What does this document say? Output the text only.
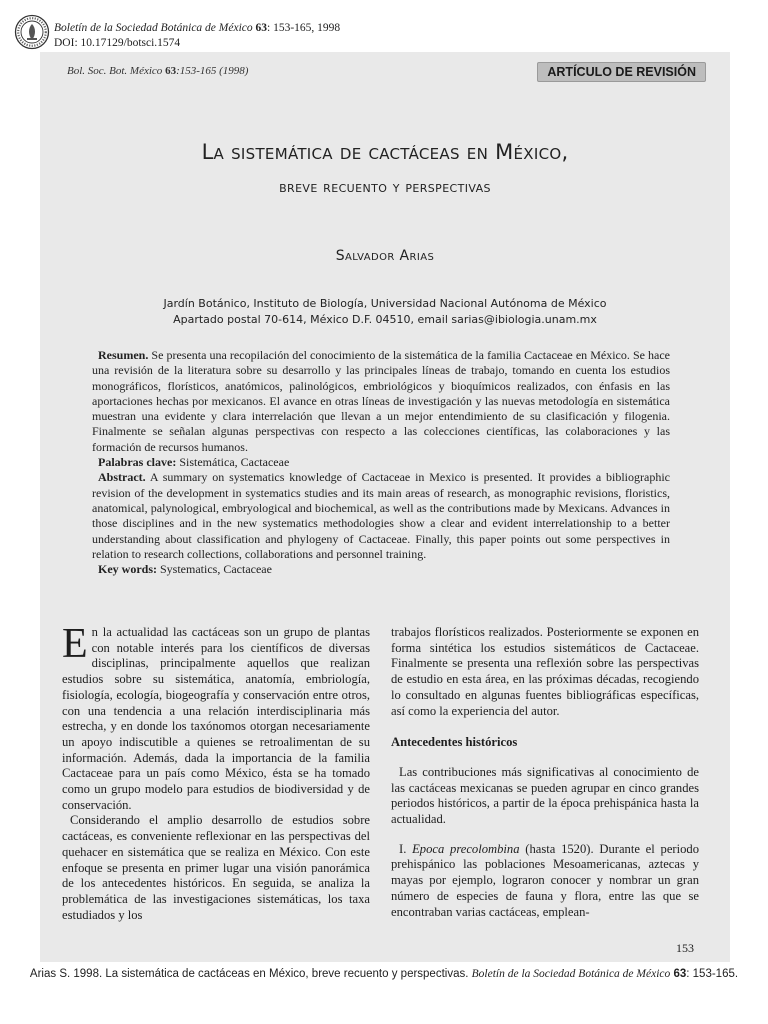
Boletín de la Sociedad Botánica de México 63: 153-165, 1998
DOI: 10.17129/botsci.1574
Bol. Soc. Bot. México 63:153-165 (1998)	ARTÍCULO DE REVISIÓN
La sistemática de cactáceas en México,
breve recuento y perspectivas
Salvador Arias
Jardín Botánico, Instituto de Biología, Universidad Nacional Autónoma de México
Apartado postal 70-614, México D.F. 04510, email sarias@ibiologia.unam.mx

Resumen. Se presenta una recopilación del conocimiento de la sistemática de la familia Cactaceae en México. Se hace una revisión de la literatura sobre su desarrollo y las principales líneas de trabajo, tomando en cuenta los estudios monográficos, florísticos, anatómicos, palinológicos, embriológicos y bioquímicos realizados, con énfasis en las aportaciones hechas por mexicanos. El avance en otras líneas de investigación y las nuevas metodología en sistemática muestran una evidente y clara interrelación que llevan a un mejor entendimiento de su clasificación y filogenia. Finalmente se señalan algunas perspectivas con respecto a las colecciones científicas, las colaboraciones y las formación de recursos humanos.

Palabras clave: Sistemática, Cactaceae

Abstract. A summary on systematics knowledge of Cactaceae in Mexico is presented. It provides a bibliographic revision of the development in systematics studies and its main areas of research, as monographic revisions, floristics, anatomical, palynological, embryological and biochemical, as well as the contributions made by Mexicans. Advances in those disciplines and in the new systematics methodologies show a clear and evident interrelationship to a better understanding about classification and phylogeny of Cactaceae. Finally, this paper points out some perspectives in relation to research collections, collaborations and personnel training.

Key words: Systematics, Cactaceae

En la actualidad las cactáceas son un grupo de plantas con notable interés para los científicos de diversas disciplinas, principalmente aquellos que realizan estudios sobre su sistemática, anatomía, embriología, fisiología, ecología, biogeografía y conservación entre otros, con una tendencia a una relación interdisciplinaria más estrecha, y en donde los taxónomos otorgan necesariamente un apoyo indiscutible a quienes se retroalimentan de su información. Además, dada la importancia de la familia Cactaceae para un país como México, ésta se ha tomado como un grupo modelo para estudios de biodiversidad y de conservación.

Considerando el amplio desarrollo de estudios sobre cactáceas, es conveniente reflexionar en las perspectivas del quehacer en sistemática que se realiza en México. Con este enfoque se presenta en primer lugar una visión panorámica de los antecedentes históricos. En seguida, se analiza la problemática de las investigaciones sistemáticas, los taxa estudiados y los

trabajos florísticos realizados. Posteriormente se exponen en forma sintética los estudios sistemáticos de Cactaceae. Finalmente se presenta una reflexión sobre las perspectivas de estudio en esta área, en las próximas décadas, recogiendo lo consultado en algunas fuentes bibliográficas específicas, así como la experiencia del autor.

Antecedentes históricos

Las contribuciones más significativas al conocimiento de las cactáceas mexicanas se pueden agrupar en cinco grandes periodos históricos, a partir de la época prehispánica hasta la actualidad.

I. Epoca precolombina (hasta 1520). Durante el periodo prehispánico las poblaciones Mesoamericanas, aztecas y mayas por ejemplo, lograron conocer y nombrar un gran número de especies de fauna y flora, entre las que se encontraban varias cactáceas, emplean-

153
Arias S. 1998. La sistemática de cactáceas en México, breve recuento y perspectivas. Boletín de la Sociedad Botánica de México 63: 153-165.
